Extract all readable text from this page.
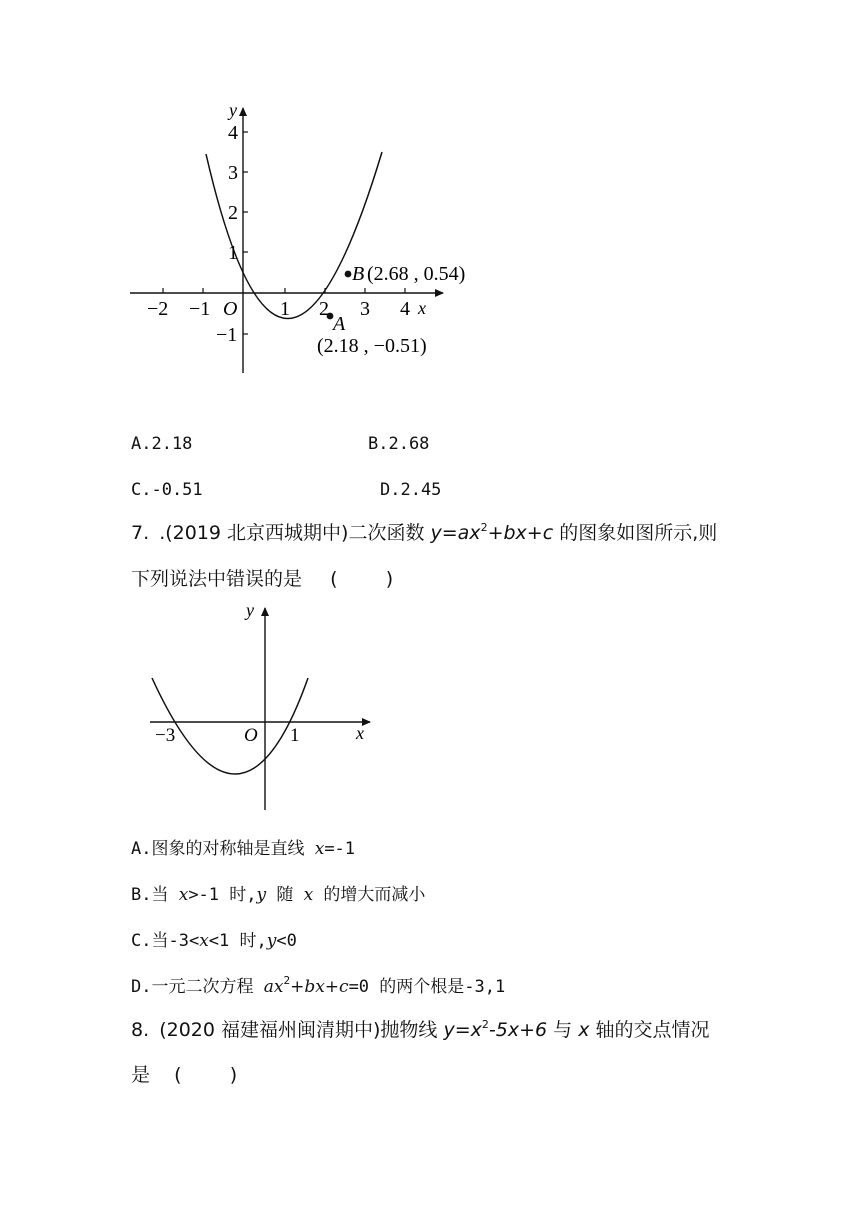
4
3
2
1
−1
−2 −1 O 1 2 3 4 x
y
B (2.68 , 0.54)
A
(2.18 , −0.51)
A.2.18	B.2.68
C.-0.51	D.2.45
7. .(2019 北京西城期中)二次函数 $y=ax^2+bx+c$ 的图象如图所示,则
下列说法中错误的是 (        )
y
x
−3	O 1
A.图象的对称轴是直线 x=-1
B.当 x>-1 时,y 随 x 的增大而减小
C.当-3<x<1 时,y<0
D.一元二次方程 $ax^2+bx+c=0$ 的两个根是-3,1
8. (2020 福建福州闽清期中)抛物线 $y=x^2-5x+6$ 与 x 轴的交点情况
是 (        )
